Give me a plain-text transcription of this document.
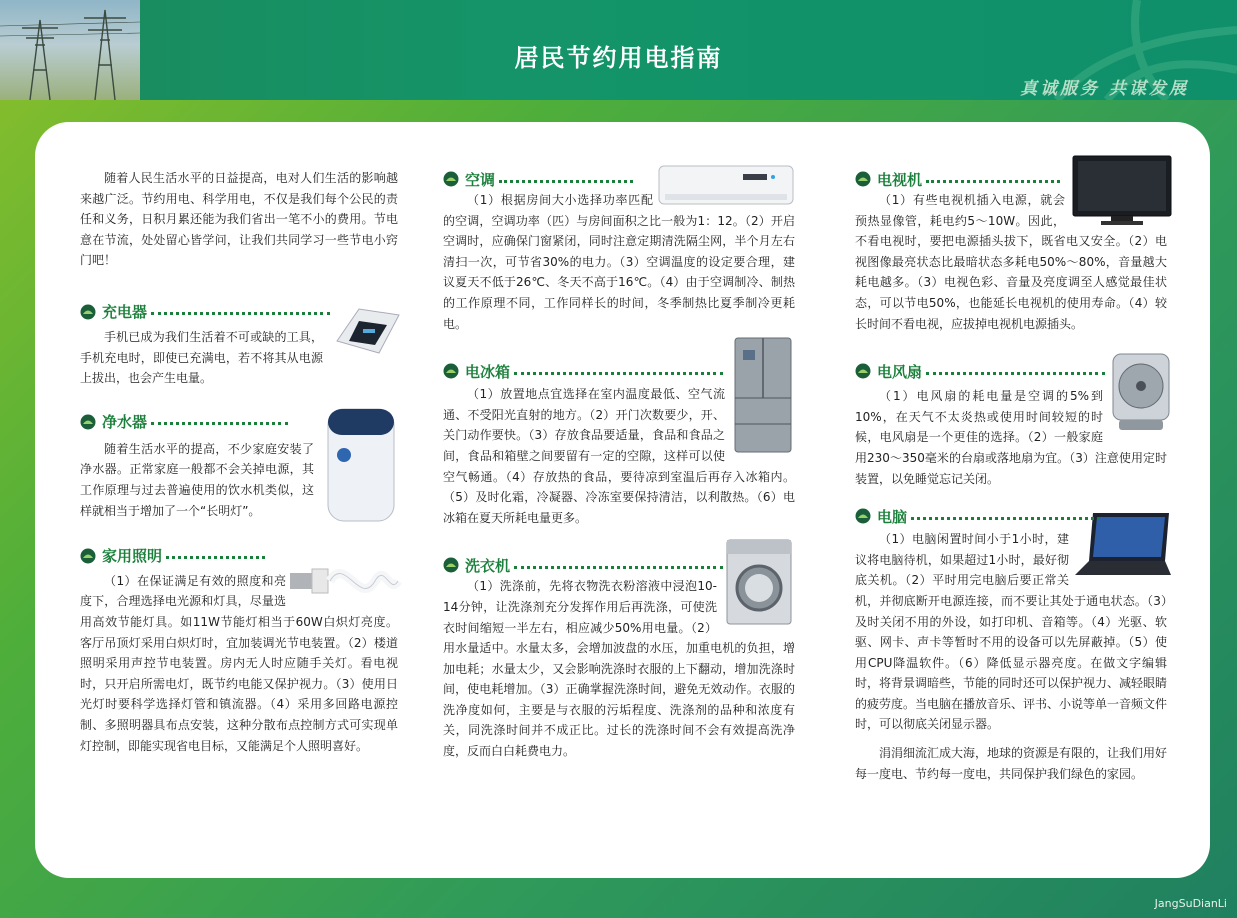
居民节约用电指南
真诚服务 共谋发展

随着人民生活水平的日益提高，电对人们生活的影响越来越广泛。节约用电、科学用电，不仅是我们每个公民的责任和义务，日积月累还能为我们省出一笔不小的费用。节电意在节流，处处留心皆学问，让我们共同学习一些节电小窍门吧！

充电器

手机已成为我们生活着不可或缺的工具，手机充电时，即使已充满电，若不将其从电源上拔出，也会产生电量。

净水器

随着生活水平的提高，不少家庭安装了净水器。正常家庭一般都不会关掉电源，其工作原理与过去普遍使用的饮水机类似，这样就相当于增加了一个“长明灯”。

家用照明

（1）在保证满足有效的照度和亮度下，合理选择电光源和灯具，尽量选用高效节能灯具。如11W节能灯相当于60W白炽灯亮度。客厅吊顶灯采用白炽灯时，宜加装调光节电装置。（2）楼道照明采用声控节电装置。房内无人时应随手关灯。看电视时，只开启所需电灯，既节约电能又保护视力。（3）使用日光灯时要科学选择灯管和镇流器。（4）采用多回路电源控制、多照明器具布点安装，这种分散布点控制方式可实现单灯控制，即能实现省电目标，又能满足个人照明喜好。

空调

（1）根据房间大小选择功率匹配的空调，空调功率（匹）与房间面积之比一般为1：12。（2）开启空调时，应确保门窗紧闭，同时注意定期清洗隔尘网，半个月左右清扫一次，可节省30%的电力。（3）空调温度的设定要合理，建议夏天不低于26℃、冬天不高于16℃。（4）由于空调制冷、制热的工作原理不同，工作同样长的时间，冬季制热比夏季制冷更耗电。

电冰箱

（1）放置地点宜选择在室内温度最低、空气流通、不受阳光直射的地方。（2）开门次数要少，开、关门动作要快。（3）存放食品要适量，食品和食品之间，食品和箱壁之间要留有一定的空隙，这样可以使空气畅通。（4）存放热的食品，要待凉到室温后再存入冰箱内。（5）及时化霜，冷凝器、冷冻室要保持清洁，以利散热。（6）电冰箱在夏天所耗电量更多。

洗衣机

（1）洗涤前，先将衣物洗衣粉溶液中浸泡10-14分钟，让洗涤剂充分发挥作用后再洗涤，可使洗衣时间缩短一半左右，相应减少50%用电量。（2）用水量适中。水量太多，会增加波盘的水压，加重电机的负担，增加电耗；水量太少，又会影响洗涤时衣服的上下翻动，增加洗涤时间，使电耗增加。（3）正确掌握洗涤时间，避免无效动作。衣服的洗净度如何，主要是与衣服的污垢程度、洗涤剂的品种和浓度有关，同洗涤时间并不成正比。过长的洗涤时间不会有效提高洗净度，反而白白耗费电力。

电视机

（1）有些电视机插入电源，就会预热显像管，耗电约5～10W。因此，不看电视时，要把电源插头拔下，既省电又安全。（2）电视图像最亮状态比最暗状态多耗电50%～80%，音量越大耗电越多。（3）电视色彩、音量及亮度调至人感觉最佳状态，可以节电50%，也能延长电视机的使用寿命。（4）较长时间不看电视，应拔掉电视机电源插头。

电风扇

（1）电风扇的耗电量是空调的5%到10%，在天气不太炎热或使用时间较短的时候，电风扇是一个更佳的选择。（2）一般家庭用230～350毫米的台扇或落地扇为宜。（3）注意使用定时装置，以免睡觉忘记关闭。

电脑

（1）电脑闲置时间小于1小时，建议将电脑待机，如果超过1小时，最好彻底关机。（2）平时用完电脑后要正常关机，并彻底断开电源连接，而不要让其处于通电状态。（3）及时关闭不用的外设，如打印机、音箱等。（4）光驱、软驱、网卡、声卡等暂时不用的设备可以先屏蔽掉。（5）使用CPU降温软件。（6）降低显示器亮度。在做文字编辑时，将背景调暗些，节能的同时还可以保护视力、减轻眼睛的疲劳度。当电脑在播放音乐、评书、小说等单一音频文件时，可以彻底关闭显示器。

涓涓细流汇成大海，地球的资源是有限的，让我们用好每一度电、节约每一度电，共同保护我们绿色的家园。

JangSuDianLi
